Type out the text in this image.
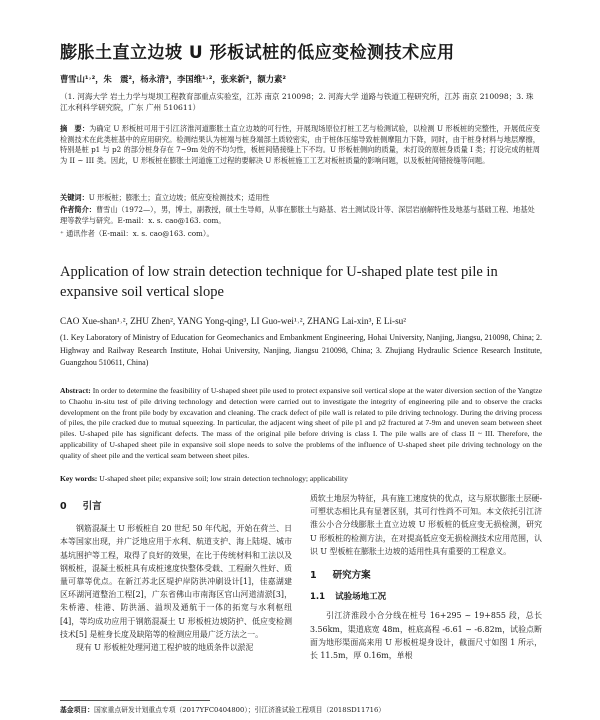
膨胀土直立边坡 U 形板试桩的低应变检测技术应用
曹雪山¹˒²，朱　震²，杨永清³，李国维¹˒²，张来新³，额力素²
（1. 河海大学 岩土力学与堤坝工程教育部重点实验室，江苏 南京 210098；2. 河海大学 道路与铁道工程研究所，江苏 南京 210098；3. 珠江水利科学研究院，广东 广州 510611）
摘　要：为确定 U 形板桩可用于引江济淮河道膨胀土直立边坡的可行性，开展现场原位打桩工艺与检测试验，以检测 U 形板桩的完整性，开展低应变检测技术在此类桩基中的应用研究。检测结果认为桩端与桩身端部土质较密实，由于桩体压缩导致桩侧摩阻力下降，同时，由于桩身材料与地层摩擦，特别是桩 p1 与 p2 的部分桩身存在 7~9m 处的不均匀性，板桩间错接缝上下不均。U 形板桩侧向的质量，未打设的原桩身质量 I 类；打设完成的桩周为 II ~ III 类。因此，U 形板桩在膨胀土河道施工过程的要解决 U 形板桩施工工艺对板桩质量的影响问题，以及板桩间错接缝等问题。
关键词：U 形板桩；膨胀土；直立边坡；低应变检测技术；适用性
作者简介：曹雪山（1972—），男，博士，副教授，硕士生导师，从事在膨胀土与路基、岩土测试设计等、深层岩崩解特性及地基与基础工程、地基处理等教学与研究。E-mail：x. s. cao@163. com。
⁺ 通讯作者（E-mail：x. s. cao@163. com）。
Application of low strain detection technique for U-shaped plate test pile in expansive soil vertical slope
CAO Xue-shan¹˒², ZHU Zhen², YANG Yong-qing³, LI Guo-wei¹˒², ZHANG Lai-xin³, E Li-su²
(1. Key Laboratory of Ministry of Education for Geomechanics and Embankment Engineering, Hohai University, Nanjing, Jiangsu, 210098, China; 2. Highway and Railway Research Institute, Hohai University, Nanjing, Jiangsu 210098, China; 3. Zhujiang Hydraulic Science Research Institute, Guangzhou 510611, China)
Abstract: In order to determine the feasibility of U-shaped sheet pile used to protect expansive soil vertical slope at the water diversion section of the Yangtze to Chaohu in-situ test of pile driving technology and detection were carried out to investigate the integrity of engineering pile and to observe the cracks development on the front pile body by excavation and cleaning. The crack defect of pile wall is related to pile driving technology. During the driving process of piles, the pile cracked due to mutual squeezing. In particular, the adjacent wing sheet of pile p1 and p2 fractured at 7-9m and uneven seam between sheet piles. U-shaped pile has significant defects. The mass of the original pile before driving is class I. The pile walls are of class II ~ III. Therefore, the applicability of U-shaped sheet pile in expansive soil slope needs to solve the problems of the influence of U-shaped sheet pile driving technology on the quality of sheet pile and the vertical seam between sheet piles.
Key words: U-shaped sheet pile; expansive soil; low strain detection technology; applicability
0 引言

钢筋混凝土 U 形板桩自 20 世纪 50 年代起，开始在荷兰、日本等国家出现，并广泛地应用于水利、航道支护、海上陆堤、城市基坑围护等工程，取得了良好的效果，在比于传统材料和工法以及钢板桩，混凝土板桩具有成桩速度快整体受载、工程耐久性好、质量可靠等优点。在新江苏北区堤护岸防洪冲刷设计[1]，佳嘉湖建区环湖河道整治工程[2]，广东省佛山市南海区官山河道清淤[3]，朱桥港、桂港、防洪涵、溢坝及通航于一体的拓宽与水利枢纽[4]，等均成功应用于钢筋混凝土 U 形板桩边坡防护、低应变检测技术[5] 是桩身长度及缺陷等的检测应用最广泛方法之一。

现有 U 形板桩处理河道工程护坡的地质条件以淤泥

质软土地层为特征，具有施工速度快的优点，这与原状膨胀土层硬-可塑状态相比具有显著区别，其可行性尚不可知。本文依托引江济淮公小合分线膨胀土直立边坡 U 形板桩的低应变无损检测，研究 U 形板桩的检测方法，在对提高低应变无损检测技术应用范围，认识 U 型板桩在膨胀土边坡的适用性具有重要的工程意义。

1 研究方案
1.1 试验场地工况

引江济淮段小合分线在桩号 16+295 ~ 19+855 段，总长 3.56km，渠道底宽 48m，桩底高程 -6.61 ~ -6.82m，试验点断面为地形渠面高来用 U 形板桩堤身设计，截面尺寸如图 1 所示，长 11.5m，厚 0.16m，单根

基金项目：国家重点研发计划重点专项（2017YFC0404800）；引江济淮试验工程项目（2018SD11716）
